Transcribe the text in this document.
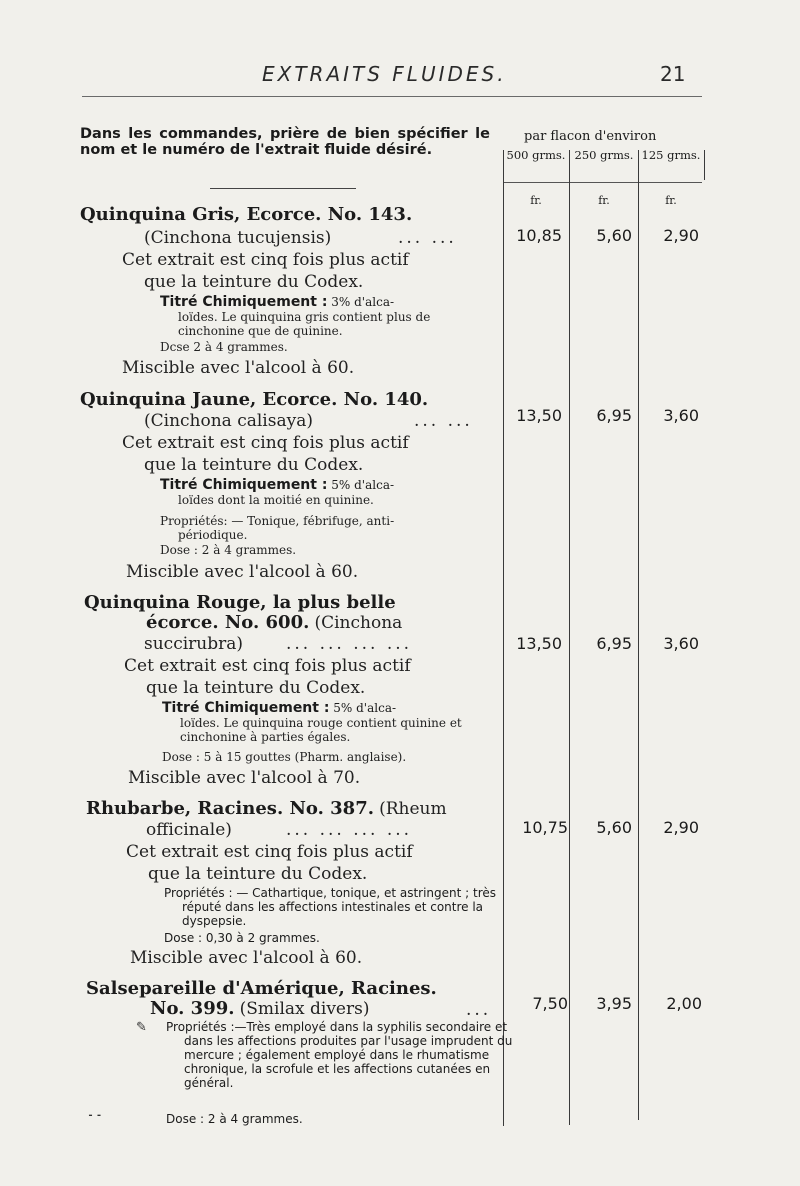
EXTRAITS FLUIDES.	21
Dans les commandes, prière de bien spécifier le nom et le numéro de l'extrait fluide désiré.
par flacon d'environ
500 grms. 250 grms. 125 grms.
fr.	fr.	fr.
Quinquina Gris, Ecorce. No. 143.
(Cinchona tucujensis)	... ...
Cet extrait est cinq fois plus actif
que la teinture du Codex.
Titré Chimiquement : 3% d'alca-
loïdes. Le quinquina gris contient plus de cinchonine que de quinine.
Dcse 2 à 4 grammes.
Miscible avec l'alcool à 60.
10,85	5,60	2,90
Quinquina Jaune, Ecorce. No. 140.
(Cinchona calisaya)	... ...
Cet extrait est cinq fois plus actif
que la teinture du Codex.
Titré Chimiquement : 5% d'alca-
loïdes dont la moitié en quinine.
Propriétés: — Tonique, fébrifuge, anti-
périodique.
Dose : 2 à 4 grammes.
Miscible avec l'alcool à 60.
13,50	6,95	3,60
Quinquina Rouge, la plus belle
écorce. No. 600. (Cinchona
succirubra)	... ... ... ...
Cet extrait est cinq fois plus actif
que la teinture du Codex.
Titré Chimiquement : 5% d'alca-
loïdes. Le quinquina rouge contient quinine et cinchonine à parties égales.
Dose : 5 à 15 gouttes (Pharm. anglaise).
Miscible avec l'alcool à 70.
13,50	6,95	3,60
Rhubarbe, Racines. No. 387. (Rheum
officinale)	... ... ... ...
Cet extrait est cinq fois plus actif
que la teinture du Codex.
Propriétés : — Cathartique, tonique, et astringent ; très réputé dans les affections intestinales et contre la dyspepsie.
Dose : 0,30 à 2 grammes.
Miscible avec l'alcool à 60.
10,75	5,60	2,90
Salsepareille d'Amérique, Racines.
No. 399. (Smilax divers)	...
✎ Propriétés :—Très employé dans la syphilis secondaire et dans les affections produites par l'usage imprudent du mercure ; également employé dans le rhumatisme chronique, la scrofule et les affections cutanées en général.
⁃ ⁃	Dose : 2 à 4 grammes.
7,50	3,95	2,00
